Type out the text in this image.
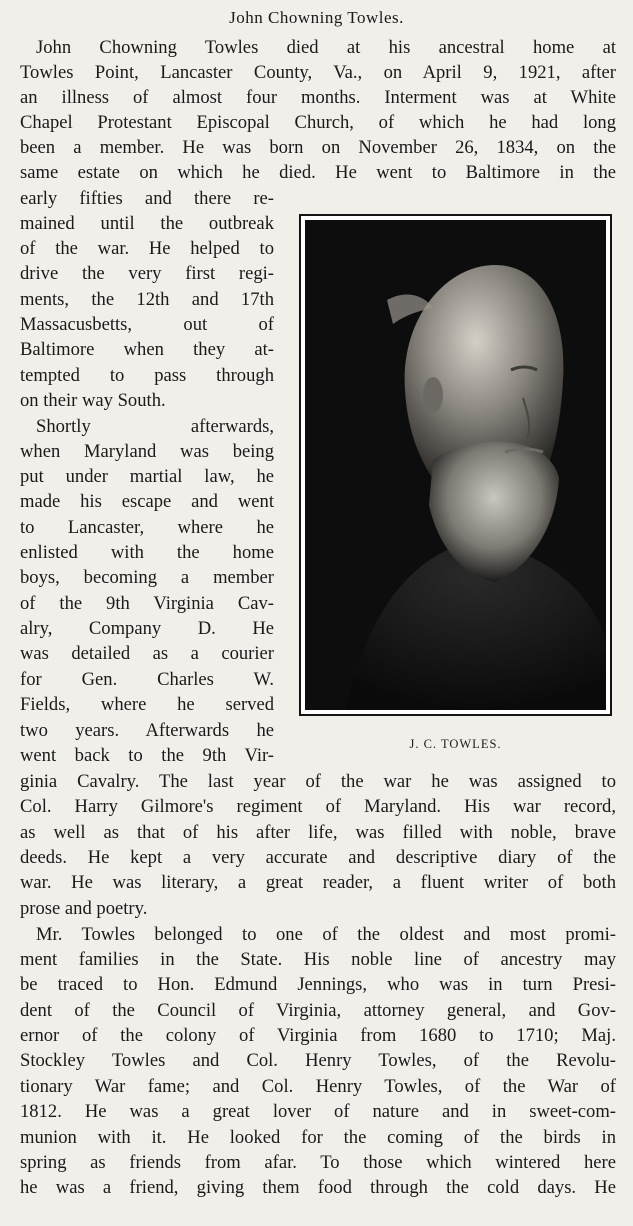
John Chowning Towles.
John Chowning Towles died at his ancestral home at
Towles Point, Lancaster County, Va., on April 9, 1921, after
an illness of almost four months. Interment was at White
Chapel Protestant Episcopal Church, of which he had long
been a member. He was born on November 26, 1834, on the
same estate on which he died. He went to Baltimore in the
early fifties and there re-
mained until the outbreak
of the war. He helped to
drive the very first regi-
ments, the 12th and 17th
Massacusbetts, out of
Baltimore when they at-
tempted to pass through
on their way South.
Shortly afterwards,
when Maryland was being
put under martial law, he
made his escape and went
to Lancaster, where he
enlisted with the home
boys, becoming a member
of the 9th Virginia Cav-
alry, Company D. He
was detailed as a courier
for Gen. Charles W.
Fields, where he served
two years. Afterwards he
went back to the 9th Vir-
ginia Cavalry. The last year of the war he was assigned to
Col. Harry Gilmore's regiment of Maryland. His war record,
as well as that of his after life, was filled with noble, brave
deeds. He kept a very accurate and descriptive diary of the
war. He was literary, a great reader, a fluent writer of both
prose and poetry.
Mr. Towles belonged to one of the oldest and most promi-
ment families in the State. His noble line of ancestry may
be traced to Hon. Edmund Jennings, who was in turn Presi-
dent of the Council of Virginia, attorney general, and Gov-
ernor of the colony of Virginia from 1680 to 1710; Maj.
Stockley Towles and Col. Henry Towles, of the Revolu-
tionary War fame; and Col. Henry Towles, of the War of
1812. He was a great lover of nature and in sweet-com-
munion with it. He looked for the coming of the birds in
spring as friends from afar. To those which wintered here
he was a friend, giving them food through the cold days. He
J. C. TOWLES.
